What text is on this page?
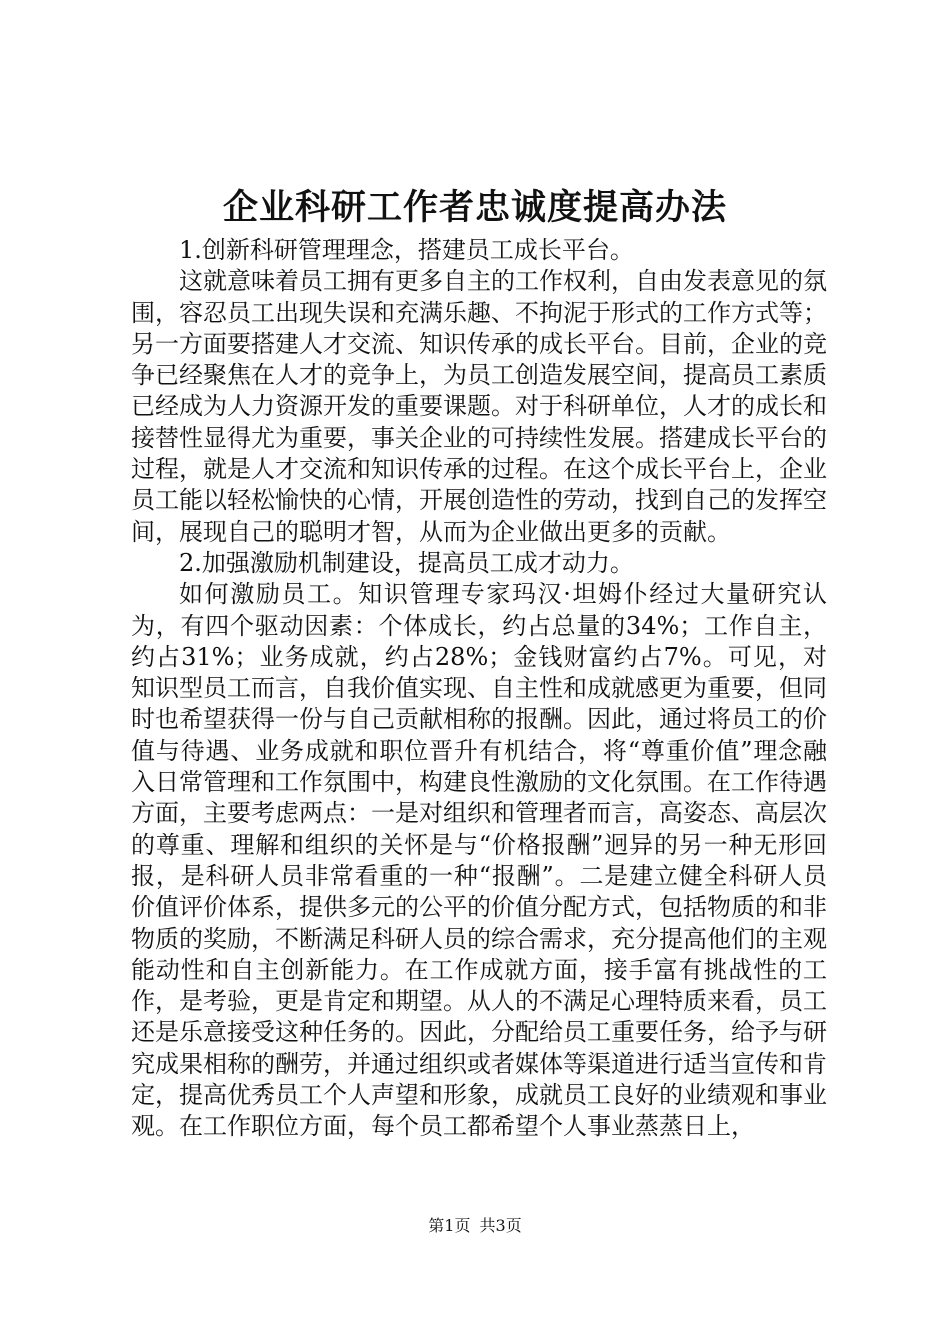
企业科研工作者忠诚度提高办法

1.创新科研管理理念，搭建员工成长平台。

这就意味着员工拥有更多自主的工作权利，自由发表意见的氛围，容忍员工出现失误和充满乐趣、不拘泥于形式的工作方式等；另一方面要搭建人才交流、知识传承的成长平台。目前，企业的竞争已经聚焦在人才的竞争上，为员工创造发展空间，提高员工素质已经成为人力资源开发的重要课题。对于科研单位，人才的成长和接替性显得尤为重要，事关企业的可持续性发展。搭建成长平台的过程，就是人才交流和知识传承的过程。在这个成长平台上，企业员工能以轻松愉快的心情，开展创造性的劳动，找到自己的发挥空间，展现自己的聪明才智，从而为企业做出更多的贡献。

2.加强激励机制建设，提高员工成才动力。

如何激励员工。知识管理专家玛汉·坦姆仆经过大量研究认为，有四个驱动因素：个体成长，约占总量的34%；工作自主，约占31%；业务成就，约占28%；金钱财富约占7%。可见，对知识型员工而言，自我价值实现、自主性和成就感更为重要，但同时也希望获得一份与自己贡献相称的报酬。因此，通过将员工的价值与待遇、业务成就和职位晋升有机结合，将“尊重价值”理念融入日常管理和工作氛围中，构建良性激励的文化氛围。在工作待遇方面，主要考虑两点：一是对组织和管理者而言，高姿态、高层次的尊重、理解和组织的关怀是与“价格报酬”迥异的另一种无形回报，是科研人员非常看重的一种“报酬”。二是建立健全科研人员价值评价体系，提供多元的公平的价值分配方式，包括物质的和非物质的奖励，不断满足科研人员的综合需求，充分提高他们的主观能动性和自主创新能力。在工作成就方面，接手富有挑战性的工作，是考验，更是肯定和期望。从人的不满足心理特质来看，员工还是乐意接受这种任务的。因此，分配给员工重要任务，给予与研究成果相称的酬劳，并通过组织或者媒体等渠道进行适当宣传和肯定，提高优秀员工个人声望和形象，成就员工良好的业绩观和事业观。在工作职位方面，每个员工都希望个人事业蒸蒸日上，

第1页 共3页
